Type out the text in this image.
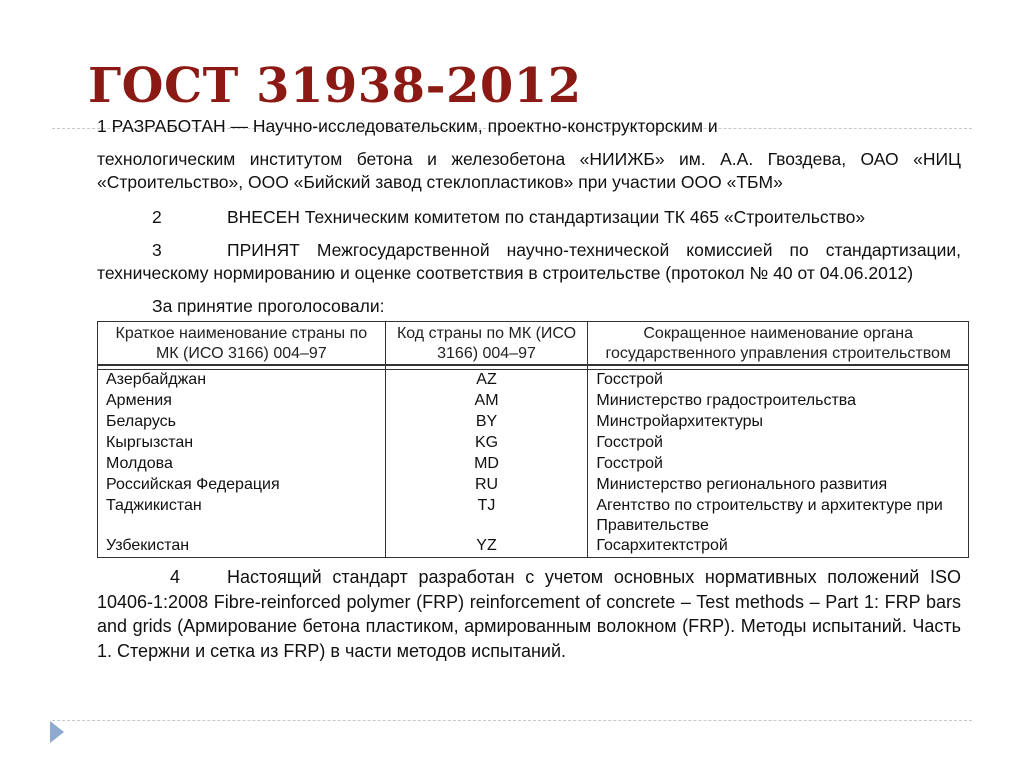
ГОСТ 31938-2012
1 РАЗРАБОТАН — Научно-исследовательским, проектно-конструкторским и

технологическим институтом бетона и железобетона «НИИЖБ» им. А.А. Гвоздева, ОАО «НИЦ «Строительство», ООО «Бийский завод стеклопластиков» при участии ООО «ТБМ»

2	ВНЕСЕН Техническим комитетом по стандартизации ТК 465 «Строительство»

3	ПРИНЯТ Межгосударственной научно-технической комиссией по стандартизации, техническому нормированию и оценке соответствия в строительстве (протокол № 40 от 04.06.2012)

За принятие проголосовали:

Краткое наименование страны по МК (ИСО 3166) 004–97	Код страны по МК (ИСО 3166) 004–97	Сокращенное наименование органа государственного управления строительством

Азербайджан	AZ	Госстрой
Армения	AM	Министерство градостроительства
Беларусь	BY	Минстройархитектуры
Кыргызстан	KG	Госстрой
Молдова	MD	Госстрой
Российская Федерация	RU	Министерство регионального развития
Таджикистан	TJ	Агентство по строительству и архитектуре при Правительстве
Узбекистан	YZ	Госархитектстрой

4	Настоящий стандарт разработан с учетом основных нормативных положений ISO 10406-1:2008 Fibre-reinforced polymer (FRP) reinforcement of concrete – Test methods – Part 1: FRP bars and grids (Армирование бетона пластиком, армированным волокном (FRP). Методы испытаний. Часть 1. Стержни и сетка из FRP) в части методов испытаний.
